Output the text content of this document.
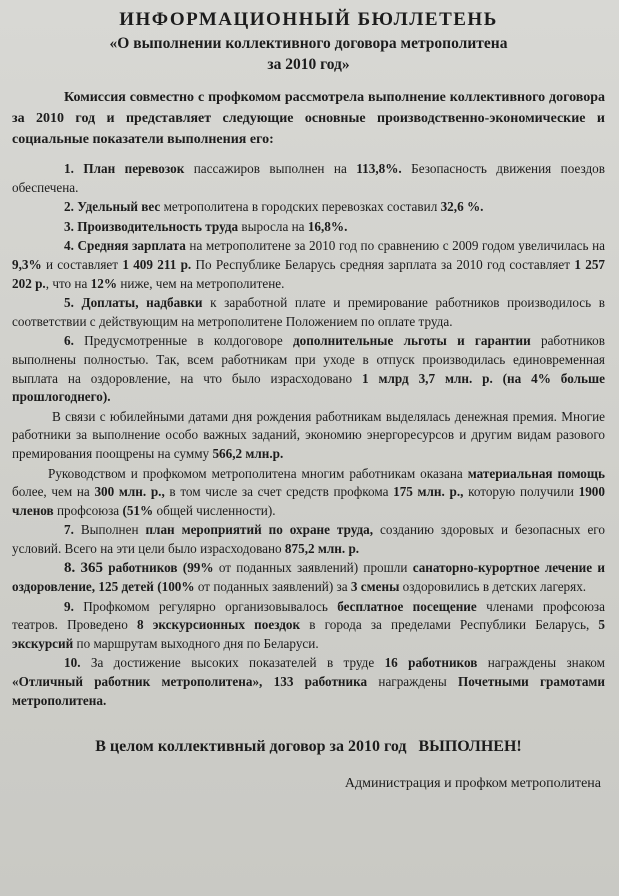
ИНФОРМАЦИОННЫЙ БЮЛЛЕТЕНЬ
«О выполнении коллективного договора метрополитена
за 2010 год»
Комиссия совместно с профкомом рассмотрела выполнение коллективного договора за 2010 год и представляет следующие основные производственно-экономические и социальные показатели выполнения его:

1. План перевозок пассажиров выполнен на 113,8%. Безопасность движения поездов обеспечена.

2. Удельный вес метрополитена в городских перевозках составил 32,6 %.

3. Производительность труда выросла на 16,8%.

4. Средняя зарплата на метрополитене за 2010 год по сравнению с 2009 годом увеличилась на 9,3% и составляет 1 409 211 р. По Республике Беларусь средняя зарплата за 2010 год составляет 1 257 202 р., что на 12% ниже, чем на метрополитене.

5. Доплаты, надбавки к заработной плате и премирование работников производилось в соответствии с действующим на метрополитене Положением по оплате труда.

6. Предусмотренные в колдоговоре дополнительные льготы и гарантии работников выполнены полностью. Так, всем работникам при уходе в отпуск производилась единовременная выплата на оздоровление, на что было израсходовано 1 млрд 3,7 млн. р. (на 4% больше прошлогоднего).

В связи с юбилейными датами дня рождения работникам выделялась денежная премия. Многие работники за выполнение особо важных заданий, экономию энергоресурсов и другим видам разового премирования поощрены на сумму 566,2 млн.р.

Руководством и профкомом метрополитена многим работникам оказана материальная помощь более, чем на 300 млн. р., в том числе за счет средств профкома 175 млн. р., которую получили 1900 членов профсоюза (51% общей численности).

7. Выполнен план мероприятий по охране труда, созданию здоровых и безопасных его условий. Всего на эти цели было израсходовано 875,2 млн. р.

8. 365 работников (99% от поданных заявлений) прошли санаторно-курортное лечение и оздоровление, 125 детей (100% от поданных заявлений) за 3 смены оздоровились в детских лагерях.

9. Профкомом регулярно организовывалось бесплатное посещение членами профсоюза театров. Проведено 8 экскурсионных поездок в города за пределами Республики Беларусь, 5 экскурсий по маршрутам выходного дня по Беларуси.

10. За достижение высоких показателей в труде 16 работников награждены знаком «Отличный работник метрополитена», 133 работника награждены Почетными грамотами метрополитена.

В целом коллективный договор за 2010 год   ВЫПОЛНЕН!
Администрация и профком метрополитена
